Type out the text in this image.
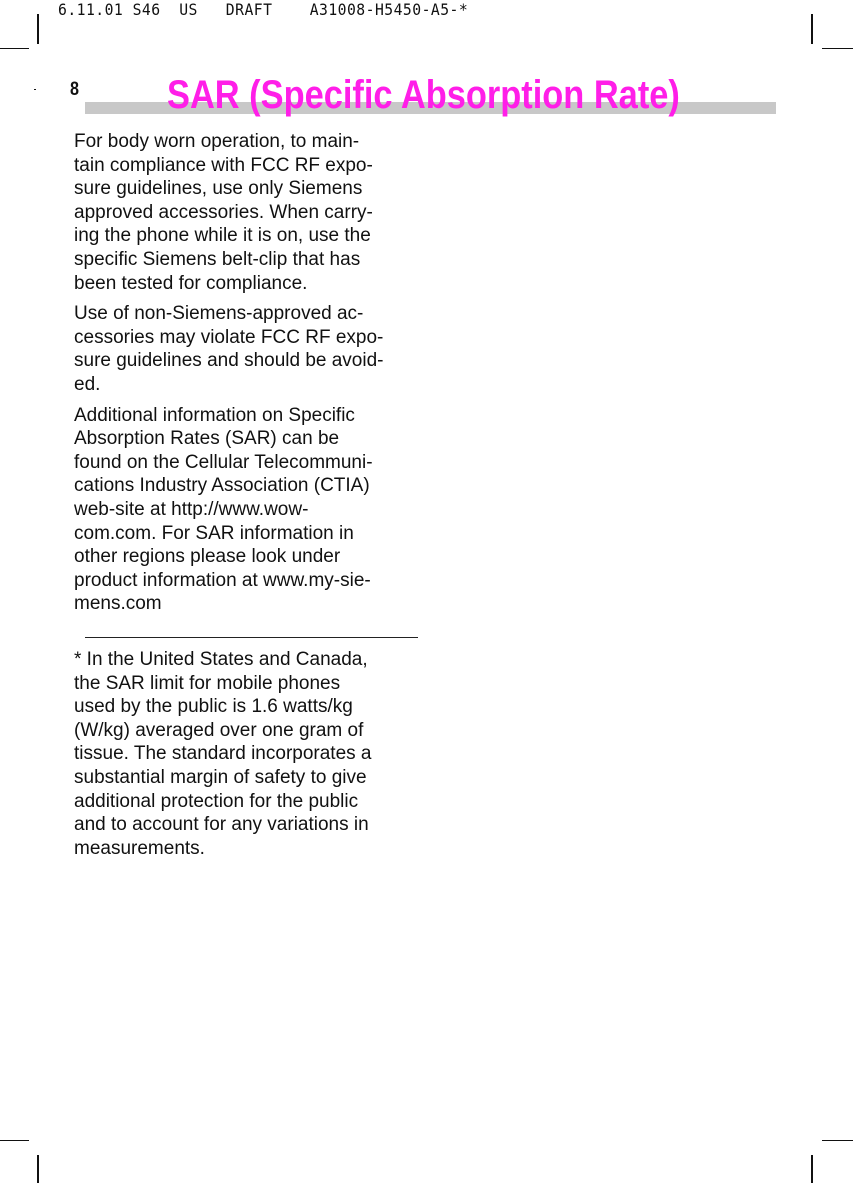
6.11.01 S46  US   DRAFT    A31008-H5450-A5-*
8 SAR (Specific Absorption Rate)

For body worn operation, to main-
tain compliance with FCC RF expo-
sure guidelines, use only Siemens
approved accessories. When carry-
ing the phone while it is on, use the
specific Siemens belt-clip that has
been tested for compliance.

Use of non-Siemens-approved ac-
cessories may violate FCC RF expo-
sure guidelines and should be avoid-
ed.

Additional information on Specific
Absorption Rates (SAR) can be
found on the Cellular Telecommuni-
cations Industry Association (CTIA)
web-site at http://www.wow-
com.com. For SAR information in
other regions please look under
product information at www.my-sie-
mens.com

* In the United States and Canada,
the SAR limit for mobile phones
used by the public is 1.6 watts/kg
(W/kg) averaged over one gram of
tissue. The standard incorporates a
substantial margin of safety to give
additional protection for the public
and to account for any variations in
measurements.
